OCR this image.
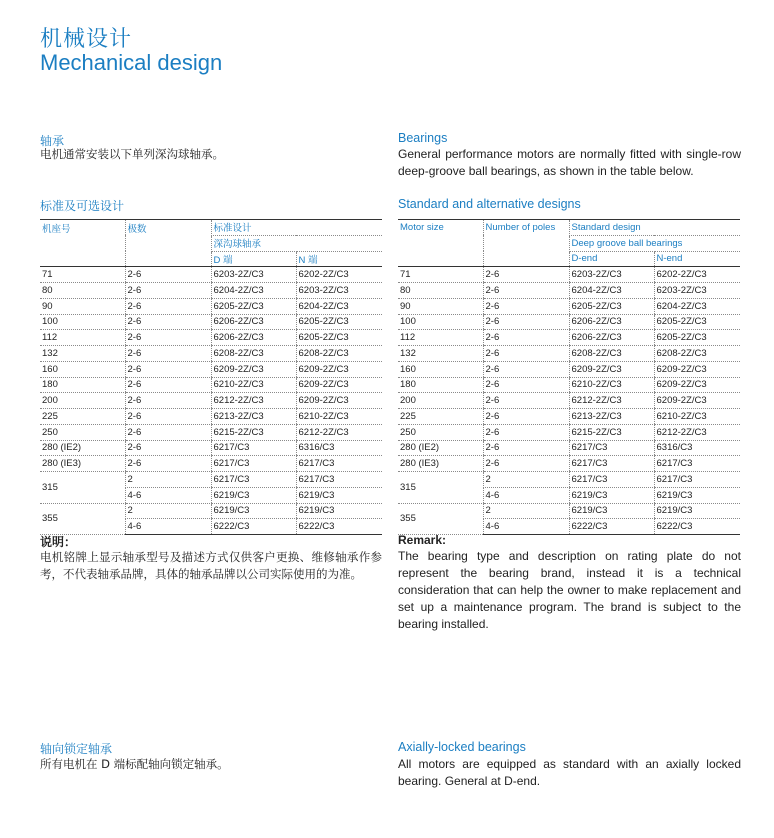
机械设计
Mechanical design
轴承
电机通常安装以下单列深沟球轴承。
Bearings
General performance motors are normally fitted with single-row deep-groove ball bearings, as shown in the table below.
标准及可选设计	Standard and alternative designs
机座号	极数	标准设计	
		深沟球轴承	
		D 端	N 端
71	2-6	6203-2Z/C3	6202-2Z/C3
80	2-6	6204-2Z/C3	6203-2Z/C3
90	2-6	6205-2Z/C3	6204-2Z/C3
100	2-6	6206-2Z/C3	6205-2Z/C3
112	2-6	6206-2Z/C3	6205-2Z/C3
132	2-6	6208-2Z/C3	6208-2Z/C3
160	2-6	6209-2Z/C3	6209-2Z/C3
180	2-6	6210-2Z/C3	6209-2Z/C3
200	2-6	6212-2Z/C3	6209-2Z/C3
225	2-6	6213-2Z/C3	6210-2Z/C3
250	2-6	6215-2Z/C3	6212-2Z/C3
280 (IE2)	2-6	6217/C3	6316/C3
280 (IE3)	2-6	6217/C3	6217/C3
315	2	6217/C3	6217/C3
	4-6	6219/C3	6219/C3
355	2	6219/C3	6219/C3
	4-6	6222/C3	6222/C3
Motor size	Number of poles	Standard design	
		Deep groove ball bearings	
		D-end	N-end
71	2-6	6203-2Z/C3	6202-2Z/C3
80	2-6	6204-2Z/C3	6203-2Z/C3
90	2-6	6205-2Z/C3	6204-2Z/C3
100	2-6	6206-2Z/C3	6205-2Z/C3
112	2-6	6206-2Z/C3	6205-2Z/C3
132	2-6	6208-2Z/C3	6208-2Z/C3
160	2-6	6209-2Z/C3	6209-2Z/C3
180	2-6	6210-2Z/C3	6209-2Z/C3
200	2-6	6212-2Z/C3	6209-2Z/C3
225	2-6	6213-2Z/C3	6210-2Z/C3
250	2-6	6215-2Z/C3	6212-2Z/C3
280 (IE2)	2-6	6217/C3	6316/C3
280 (IE3)	2-6	6217/C3	6217/C3
315	2	6217/C3	6217/C3
	4-6	6219/C3	6219/C3
355	2	6219/C3	6219/C3
	4-6	6222/C3	6222/C3
说明：
电机铭牌上显示轴承型号及描述方式仅供客户更换、维修轴承作参考，不代表轴承品牌，具体的轴承品牌以公司实际使用的为准。
Remark:
The bearing type and description on rating plate do not represent the bearing brand, instead it is a technical consideration that can help the owner to make replacement and set up a maintenance program. The brand is subject to the bearing installed.
轴向锁定轴承
所有电机在 D 端标配轴向锁定轴承。
Axially-locked bearings
All motors are equipped as standard with an axially locked bearing. General at D-end.
